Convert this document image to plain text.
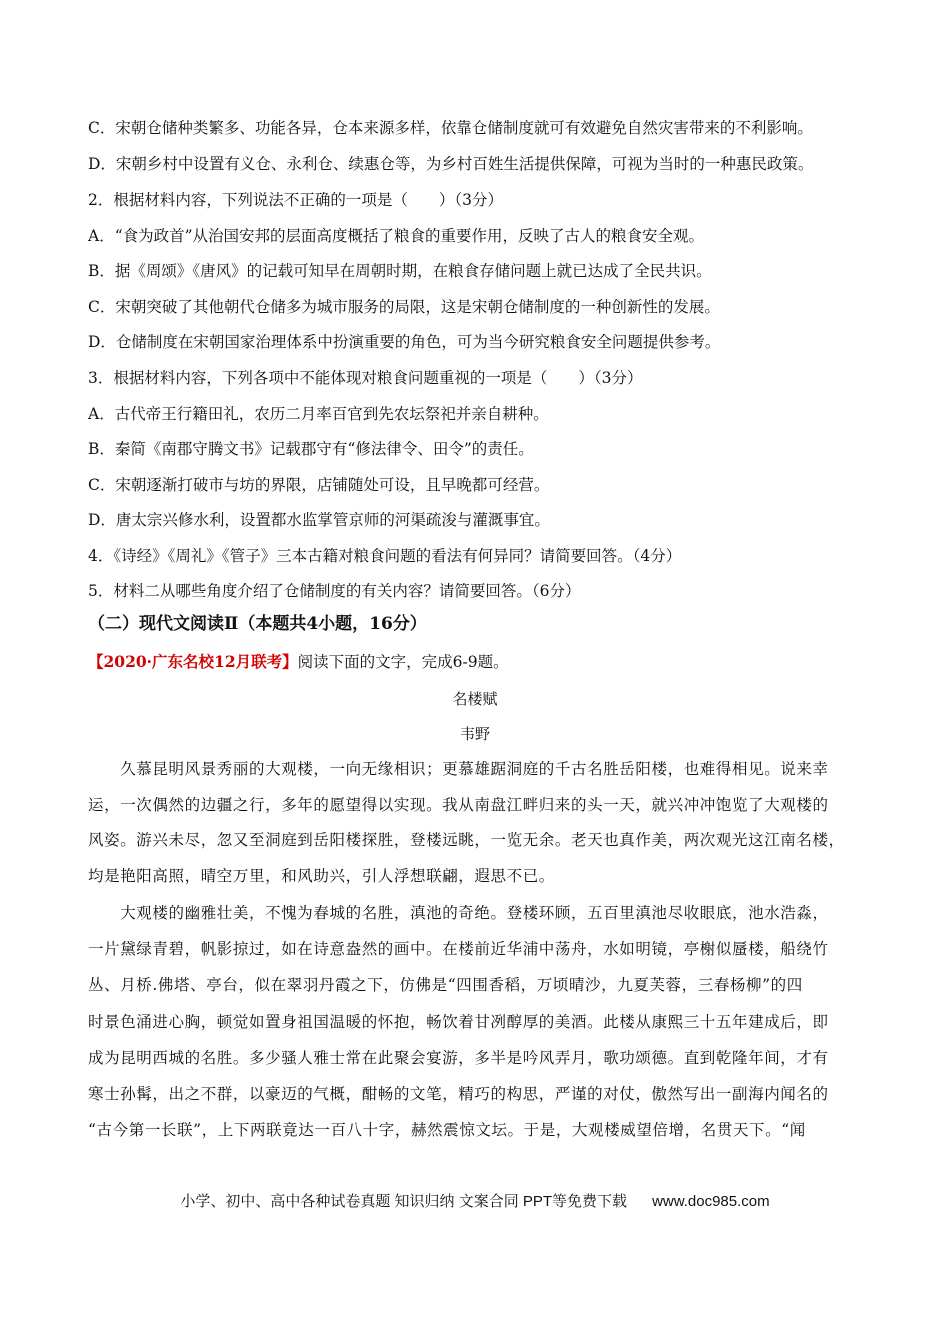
C．宋朝仓储种类繁多、功能各异，仓本来源多样，依靠仓储制度就可有效避免自然灾害带来的不利影响。
D．宋朝乡村中设置有义仓、永利仓、续惠仓等，为乡村百姓生活提供保障，可视为当时的一种惠民政策。
2．根据材料内容，下列说法不正确的一项是（　　）（3分）
A．“食为政首”从治国安邦的层面高度概括了粮食的重要作用，反映了古人的粮食安全观。
B．据《周颂》《唐风》的记载可知早在周朝时期，在粮食存储问题上就已达成了全民共识。
C．宋朝突破了其他朝代仓储多为城市服务的局限，这是宋朝仓储制度的一种创新性的发展。
D．仓储制度在宋朝国家治理体系中扮演重要的角色，可为当今研究粮食安全问题提供参考。
3．根据材料内容，下列各项中不能体现对粮食问题重视的一项是（　　）（3分）
A．古代帝王行籍田礼，农历二月率百官到先农坛祭祀并亲自耕种。
B．秦简《南郡守腾文书》记载郡守有“修法律令、田令”的责任。
C．宋朝逐渐打破市与坊的界限，店铺随处可设，且早晚都可经营。
D．唐太宗兴修水利，设置都水监掌管京师的河渠疏浚与灌溉事宜。
4．《诗经》《周礼》《管子》三本古籍对粮食问题的看法有何异同？请简要回答。（4分）
5．材料二从哪些角度介绍了仓储制度的有关内容？请简要回答。（6分）
（二）现代文阅读Ⅱ（本题共4小题，16分）
【2020·广东名校12月联考】阅读下面的文字，完成6-9题。
名楼赋
韦野
　　久慕昆明风景秀丽的大观楼，一向无缘相识；更慕雄踞洞庭的千古名胜岳阳楼，也难得相见。说来幸
运，一次偶然的边疆之行，多年的愿望得以实现。我从南盘江畔归来的头一天，就兴冲冲饱览了大观楼的
风姿。游兴未尽，忽又至洞庭到岳阳楼探胜，登楼远眺，一览无余。老天也真作美，两次观光这江南名楼，
均是艳阳高照，晴空万里，和风助兴，引人浮想联翩，遐思不已。
　　大观楼的幽雅壮美，不愧为春城的名胜，滇池的奇绝。登楼环顾，五百里滇池尽收眼底，池水浩淼，
一片黛绿青碧，帆影掠过，如在诗意盎然的画中。在楼前近华浦中荡舟，水如明镜，亭榭似蜃楼，船绕竹
丛、月桥.佛塔、亭台，似在翠羽丹霞之下，仿佛是“四围香稻，万顷晴沙，九夏芙蓉，三春杨柳”的四
时景色涌进心胸，顿觉如置身祖国温暖的怀抱，畅饮着甘冽醇厚的美酒。此楼从康熙三十五年建成后，即
成为昆明西城的名胜。多少骚人雅士常在此聚会宴游，多半是吟风弄月，歌功颂德。直到乾隆年间，才有
寒士孙髯，出之不群，以豪迈的气概，酣畅的文笔，精巧的构思，严谨的对仗，傲然写出一副海内闻名的
“古今第一长联”，上下两联竟达一百八十字，赫然震惊文坛。于是，大观楼威望倍增，名贯天下。“闻
小学、初中、高中各种试卷真题 知识归纳 文案合同 PPT等免费下载 www.doc985.com
